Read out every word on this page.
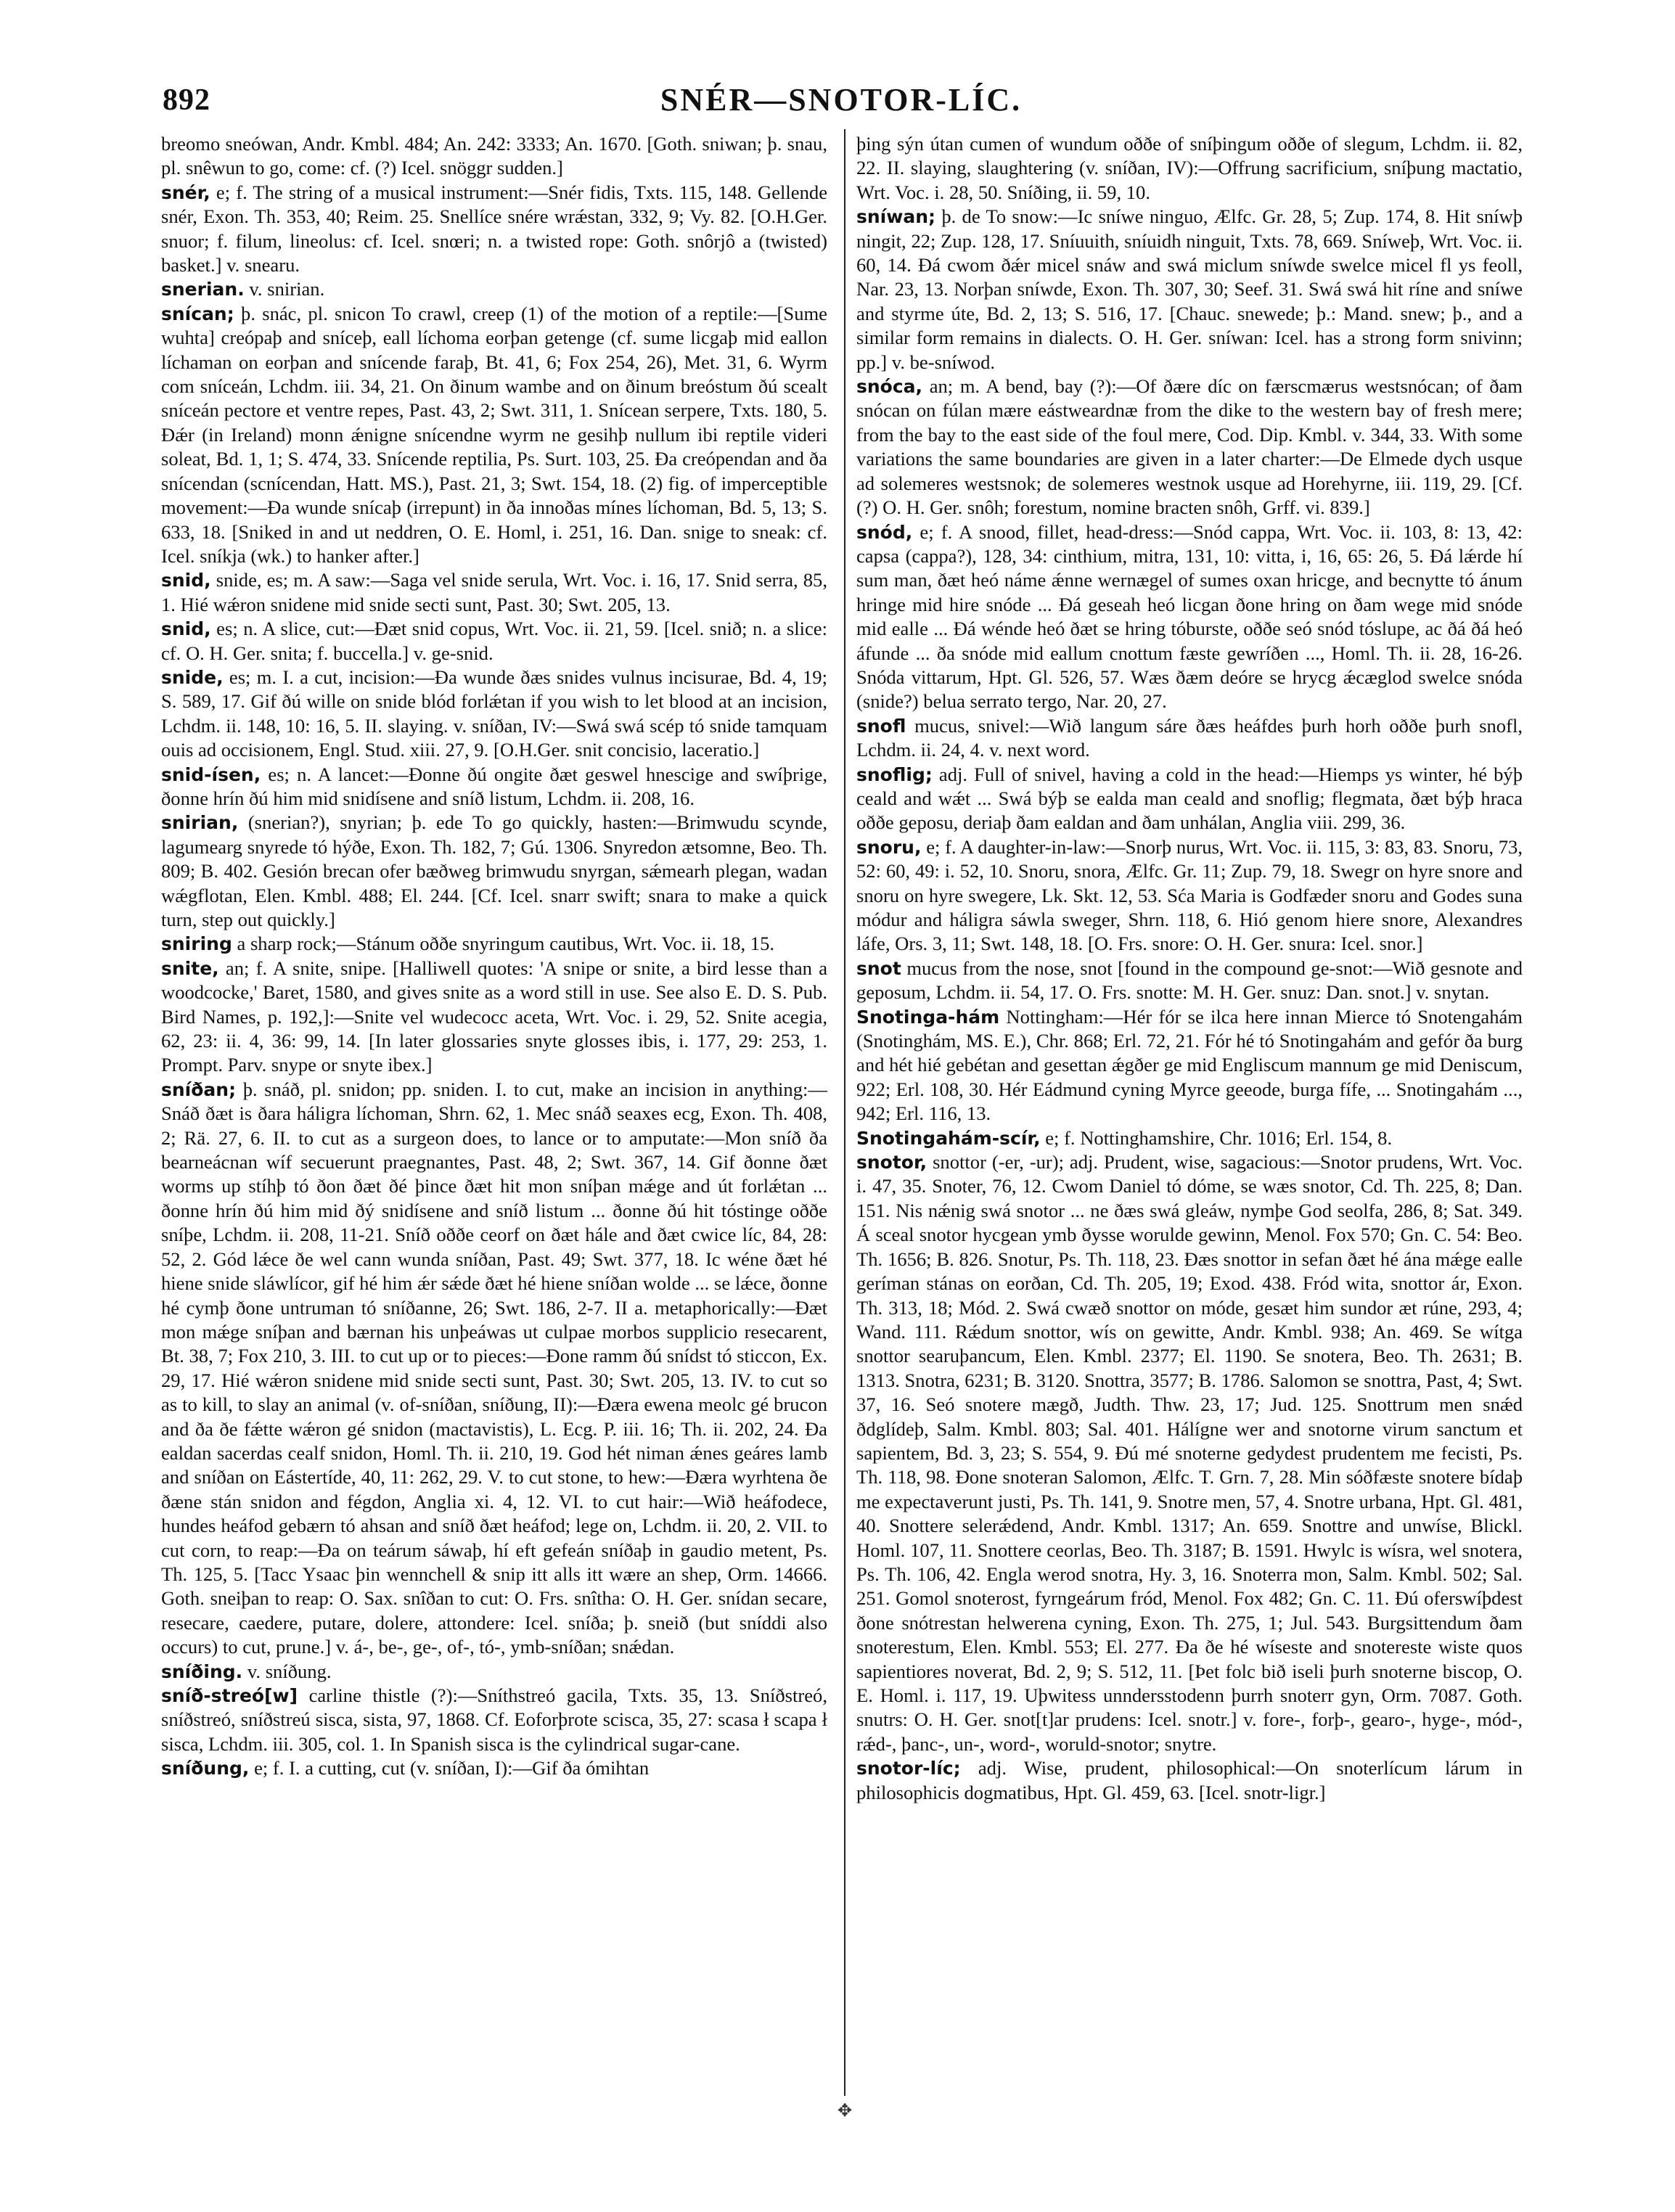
892	SNÉR—SNOTOR-LÍC.

breomo sneówan, Andr. Kmbl. 484; An. 242: 3333; An. 1670. [Goth. sniwan; þ. snau, pl. snêwun to go, come: cf. (?) Icel. snöggr sudden.]

snér, e; f. The string of a musical instrument:—Snér fidis, Txts. 115, 148. Gellende snér, Exon. Th. 353, 40; Reim. 25. Snellíce snére wrǽstan, 332, 9; Vy. 82. [O.H.Ger. snuor; f. filum, lineolus: cf. Icel. snœri; n. a twisted rope: Goth. snôrjô a (twisted) basket.] v. snearu.

snerian. v. snirian.

snícan; þ. snác, pl. snicon To crawl, creep (1) of the motion of a reptile:—[Sume wuhta] creópaþ and sníceþ, eall líchoma eorþan getenge (cf. sume licgaþ mid eallon líchaman on eorþan and snícende faraþ, Bt. 41, 6; Fox 254, 26), Met. 31, 6. Wyrm com sníceán, Lchdm. iii. 34, 21. On ðinum wambe and on ðinum breóstum ðú scealt sníceán pectore et ventre repes, Past. 43, 2; Swt. 311, 1. Snícean serpere, Txts. 180, 5. Ðǽr (in Ireland) monn ǽnigne snícendne wyrm ne gesihþ nullum ibi reptile videri soleat, Bd. 1, 1; S. 474, 33. Snícende reptilia, Ps. Surt. 103, 25. Ða creópendan and ða snícendan (scnícendan, Hatt. MS.), Past. 21, 3; Swt. 154, 18. (2) fig. of imperceptible movement:—Ða wunde snícaþ (irrepunt) in ða innoðas mínes líchoman, Bd. 5, 13; S. 633, 18. [Sniked in and ut neddren, O. E. Homl, i. 251, 16. Dan. snige to sneak: cf. Icel. sníkja (wk.) to hanker after.]

snid, snide, es; m. A saw:—Saga vel snide serula, Wrt. Voc. i. 16, 17. Snid serra, 85, 1. Hié wǽron snidene mid snide secti sunt, Past. 30; Swt. 205, 13.

snid, es; n. A slice, cut:—Ðæt snid copus, Wrt. Voc. ii. 21, 59. [Icel. snið; n. a slice: cf. O. H. Ger. snita; f. buccella.] v. ge-snid.

snide, es; m. I. a cut, incision:—Ða wunde ðæs snides vulnus incisurae, Bd. 4, 19; S. 589, 17. Gif ðú wille on snide blód forlǽtan if you wish to let blood at an incision, Lchdm. ii. 148, 10: 16, 5. II. slaying. v. sníðan, IV:—Swá swá scép tó snide tamquam ouis ad occisionem, Engl. Stud. xiii. 27, 9. [O.H.Ger. snit concisio, laceratio.]

snid-ísen, es; n. A lancet:—Ðonne ðú ongite ðæt geswel hnescige and swíþrige, ðonne hrín ðú him mid snidísene and sníð listum, Lchdm. ii. 208, 16.

snirian, (snerian?), snyrian; þ. ede To go quickly, hasten:—Brimwudu scynde, lagumearg snyrede tó hýðe, Exon. Th. 182, 7; Gú. 1306. Snyredon ætsomne, Beo. Th. 809; B. 402. Gesión brecan ofer bæðweg brimwudu snyrgan, sǽmearh plegan, wadan wǽgflotan, Elen. Kmbl. 488; El. 244. [Cf. Icel. snarr swift; snara to make a quick turn, step out quickly.]

sniring a sharp rock;—Stánum oððe snyringum cautibus, Wrt. Voc. ii. 18, 15.

snite, an; f. A snite, snipe. [Halliwell quotes: 'A snipe or snite, a bird lesse than a woodcocke,' Baret, 1580, and gives snite as a word still in use. See also E. D. S. Pub. Bird Names, p. 192,]:—Snite vel wudecocc aceta, Wrt. Voc. i. 29, 52. Snite acegia, 62, 23: ii. 4, 36: 99, 14. [In later glossaries snyte glosses ibis, i. 177, 29: 253, 1. Prompt. Parv. snype or snyte ibex.]

sníðan; þ. snáð, pl. snidon; pp. sniden. I. to cut, make an incision in anything:—Snáð ðæt is ðara háligra líchoman, Shrn. 62, 1. Mec snáð seaxes ecg, Exon. Th. 408, 2; Rä. 27, 6. II. to cut as a surgeon does, to lance or to amputate:—Mon sníð ða bearneácnan wíf secuerunt praegnantes, Past. 48, 2; Swt. 367, 14. Gif ðonne ðæt worms up stíhþ tó ðon ðæt ðé þince ðæt hit mon sníþan mǽge and út forlǽtan ... ðonne hrín ðú him mid ðý snidísene and sníð listum ... ðonne ðú hit tóstinge oððe sníþe, Lchdm. ii. 208, 11-21. Sníð oððe ceorf on ðæt hále and ðæt cwice líc, 84, 28: 52, 2. Gód lǽce ðe wel cann wunda sníðan, Past. 49; Swt. 377, 18. Ic wéne ðæt hé hiene snide sláwlícor, gif hé him ǽr sǽde ðæt hé hiene sníðan wolde ... se lǽce, ðonne hé cymþ ðone untruman tó sníðanne, 26; Swt. 186, 2-7. II a. metaphorically:—Ðæt mon mǽge sníþan and bærnan his unþeáwas ut culpae morbos supplicio resecarent, Bt. 38, 7; Fox 210, 3. III. to cut up or to pieces:—Ðone ramm ðú snídst tó sticcon, Ex. 29, 17. Hié wǽron snidene mid snide secti sunt, Past. 30; Swt. 205, 13. IV. to cut so as to kill, to slay an animal (v. of-sníðan, sníðung, II):—Ðæra ewena meolc gé brucon and ða ðe fǽtte wǽron gé snidon (mactavistis), L. Ecg. P. iii. 16; Th. ii. 202, 24. Ða ealdan sacerdas cealf snidon, Homl. Th. ii. 210, 19. God hét niman ǽnes geáres lamb and sníðan on Eástertíde, 40, 11: 262, 29. V. to cut stone, to hew:—Ðæra wyrhtena ðe ðæne stán snidon and fégdon, Anglia xi. 4, 12. VI. to cut hair:—Wið heáfodece, hundes heáfod gebærn tó ahsan and sníð ðæt heáfod; lege on, Lchdm. ii. 20, 2. VII. to cut corn, to reap:—Ða on teárum sáwaþ, hí eft gefeán sníðaþ in gaudio metent, Ps. Th. 125, 5. [Tacc Ysaac þin wennchell & snip itt alls itt wære an shep, Orm. 14666. Goth. sneiþan to reap: O. Sax. snîðan to cut: O. Frs. snîtha: O. H. Ger. snídan secare, resecare, caedere, putare, dolere, attondere: Icel. sníða; þ. sneið (but sníddi also occurs) to cut, prune.] v. á-, be-, ge-, of-, tó-, ymb-sníðan; snǽdan.

sníðing. v. sníðung.

sníð-streó[w] carline thistle (?):—Sníthstreó gacila, Txts. 35, 13. Sníðstreó, sníðstreó, sníðstreú sisca, sista, 97, 1868. Cf. Eoforþrote scisca, 35, 27: scasa ł scapa ł sisca, Lchdm. iii. 305, col. 1. In Spanish sisca is the cylindrical sugar-cane.

sníðung, e; f. I. a cutting, cut (v. sníðan, I):—Gif ða ómihtan

þing sýn útan cumen of wundum oððe of sníþingum oððe of slegum, Lchdm. ii. 82, 22. II. slaying, slaughtering (v. sníðan, IV):—Offrung sacrificium, sníþung mactatio, Wrt. Voc. i. 28, 50. Sníðing, ii. 59, 10.

sníwan; þ. de To snow:—Ic sníwe ninguo, Ælfc. Gr. 28, 5; Zup. 174, 8. Hit sníwþ ningit, 22; Zup. 128, 17. Sníuuith, sníuidh ninguit, Txts. 78, 669. Sníweþ, Wrt. Voc. ii. 60, 14. Ðá cwom ðǽr micel snáw and swá miclum sníwde swelce micel fl ys feoll, Nar. 23, 13. Norþan sníwde, Exon. Th. 307, 30; Seef. 31. Swá swá hit ríne and sníwe and styrme úte, Bd. 2, 13; S. 516, 17. [Chauc. snewede; þ.: Mand. snew; þ., and a similar form remains in dialects. O. H. Ger. sníwan: Icel. has a strong form snivinn; pp.] v. be-sníwod.

snóca, an; m. A bend, bay (?):—Of ðære díc on færscmærus westsnócan; of ðam snócan on fúlan mære eástweardnæ from the dike to the western bay of fresh mere; from the bay to the east side of the foul mere, Cod. Dip. Kmbl. v. 344, 33. With some variations the same boundaries are given in a later charter:—De Elmede dych usque ad solemeres westsnok; de solemeres westnok usque ad Horehyrne, iii. 119, 29. [Cf. (?) O. H. Ger. snôh; forestum, nomine bracten snôh, Grff. vi. 839.]

snód, e; f. A snood, fillet, head-dress:—Snód cappa, Wrt. Voc. ii. 103, 8: 13, 42: capsa (cappa?), 128, 34: cinthium, mitra, 131, 10: vitta, i, 16, 65: 26, 5. Ðá lǽrde hí sum man, ðæt heó náme ǽnne wernægel of sumes oxan hricge, and becnytte tó ánum hringe mid hire snóde ... Ðá geseah heó licgan ðone hring on ðam wege mid snóde mid ealle ... Ðá wénde heó ðæt se hring tóburste, oððe seó snód tóslupe, ac ðá ðá heó áfunde ... ða snóde mid eallum cnottum fæste gewríðen ..., Homl. Th. ii. 28, 16-26. Snóda vittarum, Hpt. Gl. 526, 57. Wæs ðæm deóre se hrycg ǽcæglod swelce snóda (snide?) belua serrato tergo, Nar. 20, 27.

snofl mucus, snivel:—Wið langum sáre ðæs heáfdes þurh horh oððe þurh snofl, Lchdm. ii. 24, 4. v. next word.

snoflig; adj. Full of snivel, having a cold in the head:—Hiemps ys winter, hé býþ ceald and wǽt ... Swá býþ se ealda man ceald and snoflig; flegmata, ðæt býþ hraca oððe geposu, deriaþ ðam ealdan and ðam unhálan, Anglia viii. 299, 36.

snoru, e; f. A daughter-in-law:—Snorþ nurus, Wrt. Voc. ii. 115, 3: 83, 83. Snoru, 73, 52: 60, 49: i. 52, 10. Snoru, snora, Ælfc. Gr. 11; Zup. 79, 18. Swegr on hyre snore and snoru on hyre swegere, Lk. Skt. 12, 53. Sća Maria is Godfæder snoru and Godes suna módur and háligra sáwla sweger, Shrn. 118, 6. Hió genom hiere snore, Alexandres láfe, Ors. 3, 11; Swt. 148, 18. [O. Frs. snore: O. H. Ger. snura: Icel. snor.]

snot mucus from the nose, snot [found in the compound ge-snot:—Wið gesnote and geposum, Lchdm. ii. 54, 17. O. Frs. snotte: M. H. Ger. snuz: Dan. snot.] v. snytan.

Snotinga-hám Nottingham:—Hér fór se ilca here innan Mierce tó Snotengahám (Snotinghám, MS. E.), Chr. 868; Erl. 72, 21. Fór hé tó Snotingahám and gefór ða burg and hét hié gebétan and gesettan ǽgðer ge mid Engliscum mannum ge mid Deniscum, 922; Erl. 108, 30. Hér Eádmund cyning Myrce geeode, burga fífe, ... Snotingahám ..., 942; Erl. 116, 13.

Snotingahám-scír, e; f. Nottinghamshire, Chr. 1016; Erl. 154, 8.

snotor, snottor (-er, -ur); adj. Prudent, wise, sagacious:—Snotor prudens, Wrt. Voc. i. 47, 35. Snoter, 76, 12. Cwom Daniel tó dóme, se wæs snotor, Cd. Th. 225, 8; Dan. 151. Nis nǽnig swá snotor ... ne ðæs swá gleáw, nymþe God seolfa, 286, 8; Sat. 349. Á sceal snotor hycgean ymb ðysse worulde gewinn, Menol. Fox 570; Gn. C. 54: Beo. Th. 1656; B. 826. Snotur, Ps. Th. 118, 23. Ðæs snottor in sefan ðæt hé ána mǽge ealle geríman stánas on eorðan, Cd. Th. 205, 19; Exod. 438. Fród wita, snottor ár, Exon. Th. 313, 18; Mód. 2. Swá cwæð snottor on móde, gesæt him sundor æt rúne, 293, 4; Wand. 111. Rǽdum snottor, wís on gewitte, Andr. Kmbl. 938; An. 469. Se wítga snottor searuþancum, Elen. Kmbl. 2377; El. 1190. Se snotera, Beo. Th. 2631; B. 1313. Snotra, 6231; B. 3120. Snottra, 3577; B. 1786. Salomon se snottra, Past, 4; Swt. 37, 16. Seó snotere mægð, Judth. Thw. 23, 17; Jud. 125. Snottrum men snǽd ðdglídeþ, Salm. Kmbl. 803; Sal. 401. Hálígne wer and snotorne virum sanctum et sapientem, Bd. 3, 23; S. 554, 9. Ðú mé snoterne gedydest prudentem me fecisti, Ps. Th. 118, 98. Ðone snoteran Salomon, Ælfc. T. Grn. 7, 28. Min sóðfæste snotere bídaþ me expectaverunt justi, Ps. Th. 141, 9. Snotre men, 57, 4. Snotre urbana, Hpt. Gl. 481, 40. Snottere selerǽdend, Andr. Kmbl. 1317; An. 659. Snottre and unwíse, Blickl. Homl. 107, 11. Snottere ceorlas, Beo. Th. 3187; B. 1591. Hwylc is wísra, wel snotera, Ps. Th. 106, 42. Engla werod snotra, Hy. 3, 16. Snoterra mon, Salm. Kmbl. 502; Sal. 251. Gomol snoterost, fyrngeárum fród, Menol. Fox 482; Gn. C. 11. Ðú oferswíþdest ðone snótrestan helwerena cyning, Exon. Th. 275, 1; Jul. 543. Burgsittendum ðam snoterestum, Elen. Kmbl. 553; El. 277. Ða ðe hé wíseste and snotereste wiste quos sapientiores noverat, Bd. 2, 9; S. 512, 11. [Þet folc bið iseli þurh snoterne biscop, O. E. Homl. i. 117, 19. Uþwitess unndersstodenn þurrh snoterr gyn, Orm. 7087. Goth. snutrs: O. H. Ger. snot[t]ar prudens: Icel. snotr.] v. fore-, forþ-, gearo-, hyge-, mód-, rǽd-, þanc-, un-, word-, woruld-snotor; snytre.

snotor-líc; adj. Wise, prudent, philosophical:—On snoterlícum lárum in philosophicis dogmatibus, Hpt. Gl. 459, 63. [Icel. snotr-ligr.]

✥
